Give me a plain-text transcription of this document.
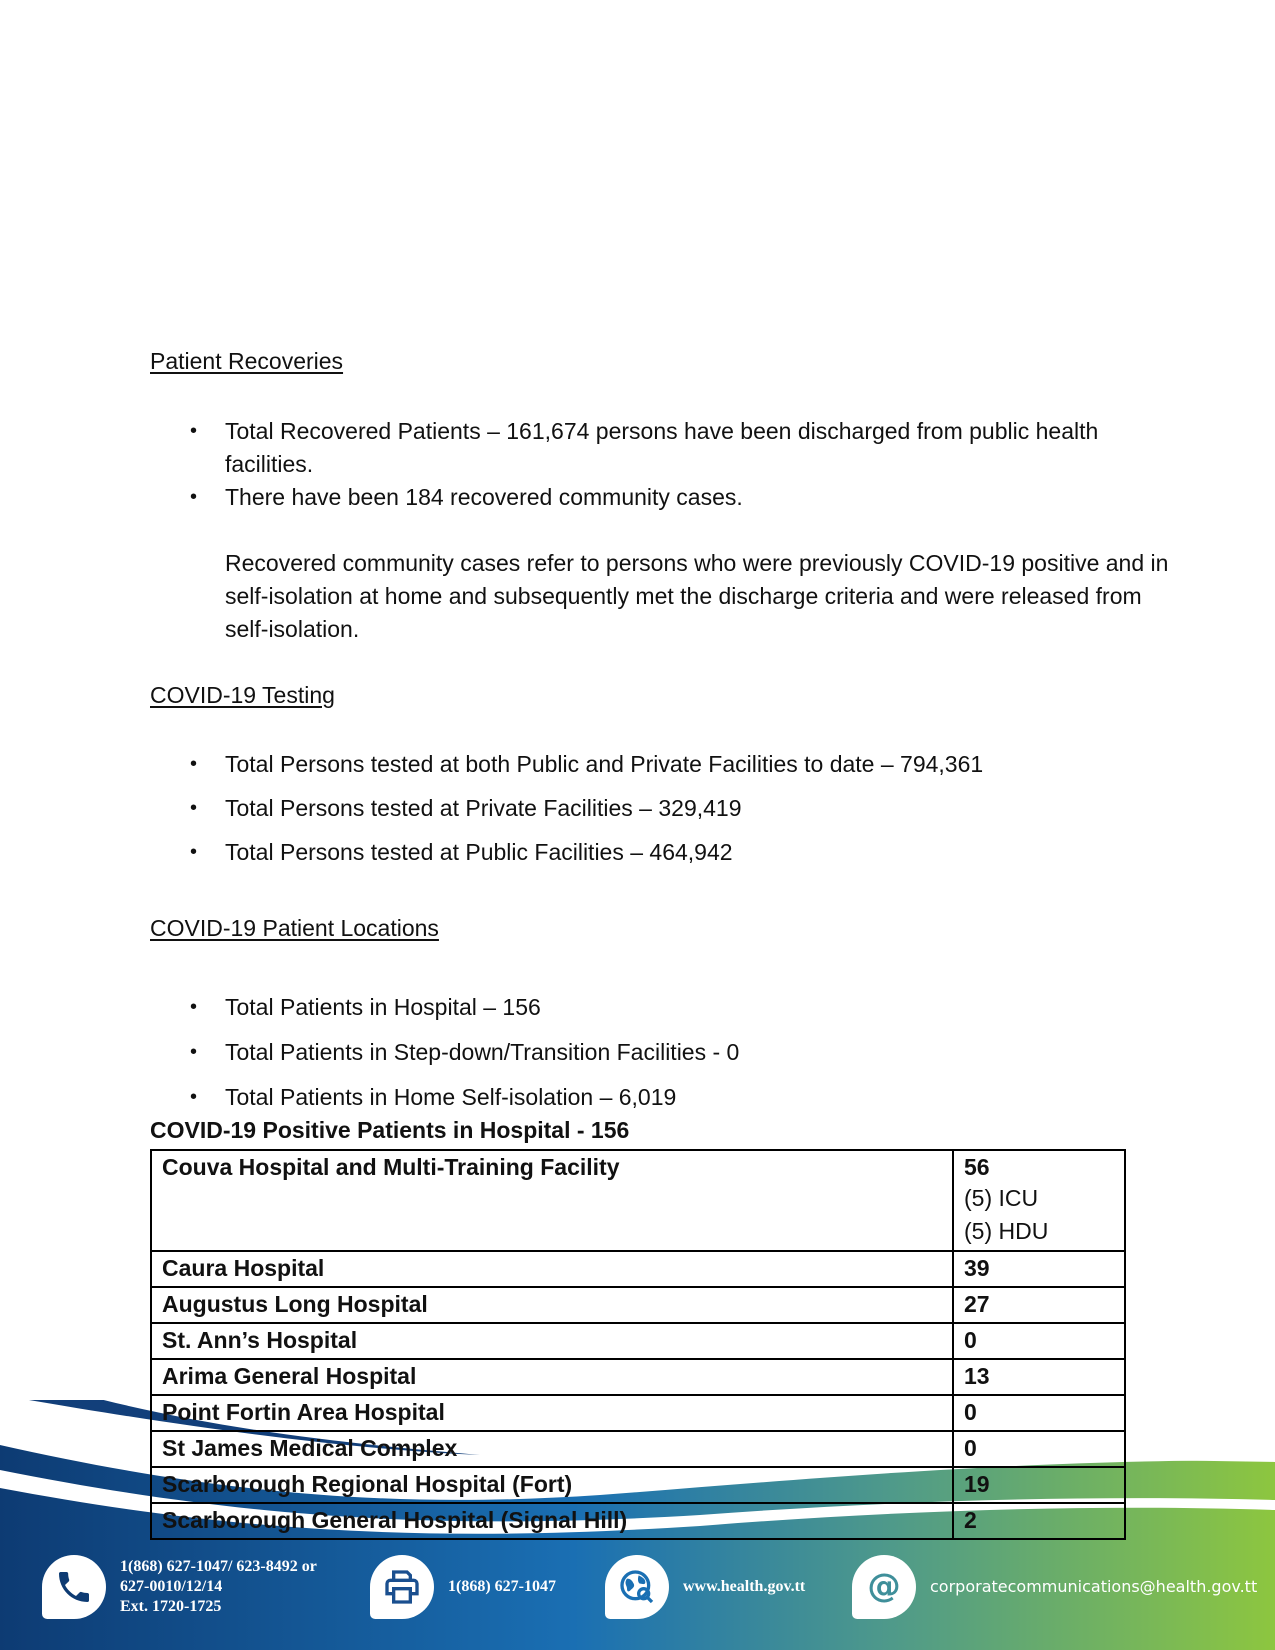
Patient Recoveries
• Total Recovered Patients – 161,674 persons have been discharged from public health facilities.
• There have been 184 recovered community cases.
Recovered community cases refer to persons who were previously COVID-19 positive and in self-isolation at home and subsequently met the discharge criteria and were released from self-isolation.
COVID-19 Testing
• Total Persons tested at both Public and Private Facilities to date – 794,361
• Total Persons tested at Private Facilities – 329,419
• Total Persons tested at Public Facilities – 464,942
COVID-19 Patient Locations
• Total Patients in Hospital – 156
• Total Patients in Step-down/Transition Facilities - 0
• Total Patients in Home Self-isolation – 6,019
COVID-19 Positive Patients in Hospital - 156
Couva Hospital and Multi-Training Facility	56
(5) ICU
(5) HDU

Caura Hospital	39
Augustus Long Hospital	27
St. Ann’s Hospital	0
Arima General Hospital	13
Point Fortin Area Hospital	0
St James Medical Complex	0
Scarborough Regional Hospital (Fort)	19
Scarborough General Hospital (Signal Hill)	2
1(868) 627-1047/ 623-8492 or
627-0010/12/14
Ext. 1720-1725
1(868) 627-1047	www.health.gov.tt	@ corporatecommunications@health.gov.tt
